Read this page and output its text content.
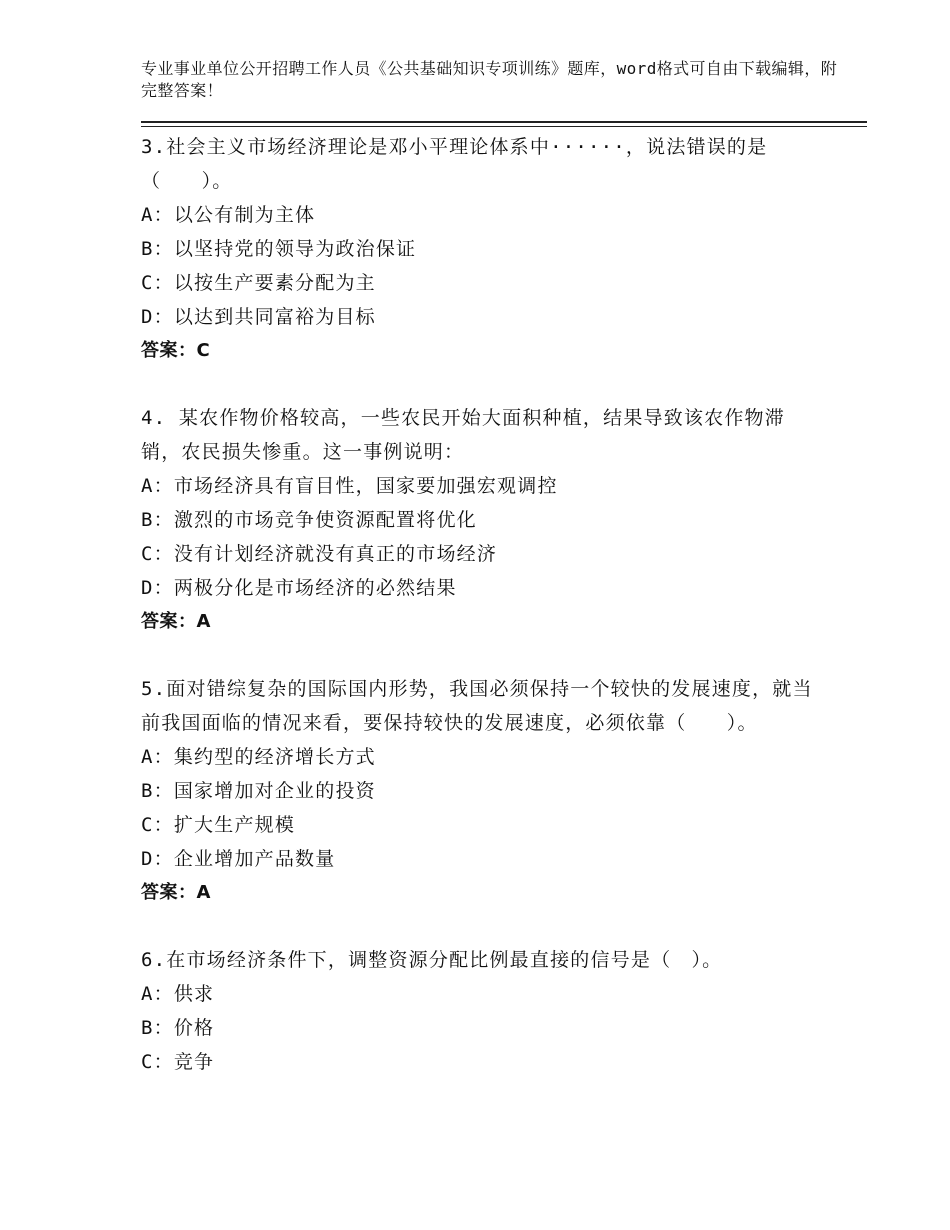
专业事业单位公开招聘工作人员《公共基础知识专项训练》题库，word格式可自由下载编辑，附完整答案！

3.社会主义市场经济理论是邓小平理论体系中······，说法错误的是（　　）。

A：以公有制为主体

B：以坚持党的领导为政治保证

C：以按生产要素分配为主

D：以达到共同富裕为目标

答案：C

4. 某农作物价格较高，一些农民开始大面积种植，结果导致该农作物滞销，农民损失惨重。这一事例说明：

A：市场经济具有盲目性，国家要加强宏观调控

B：激烈的市场竞争使资源配置将优化

C：没有计划经济就没有真正的市场经济

D：两极分化是市场经济的必然结果

答案：A

5.面对错综复杂的国际国内形势，我国必须保持一个较快的发展速度，就当前我国面临的情况来看，要保持较快的发展速度，必须依靠（　　）。

A：集约型的经济增长方式

B：国家增加对企业的投资

C：扩大生产规模

D：企业增加产品数量

答案：A

6.在市场经济条件下，调整资源分配比例最直接的信号是（　）。

A：供求

B：价格

C：竞争
